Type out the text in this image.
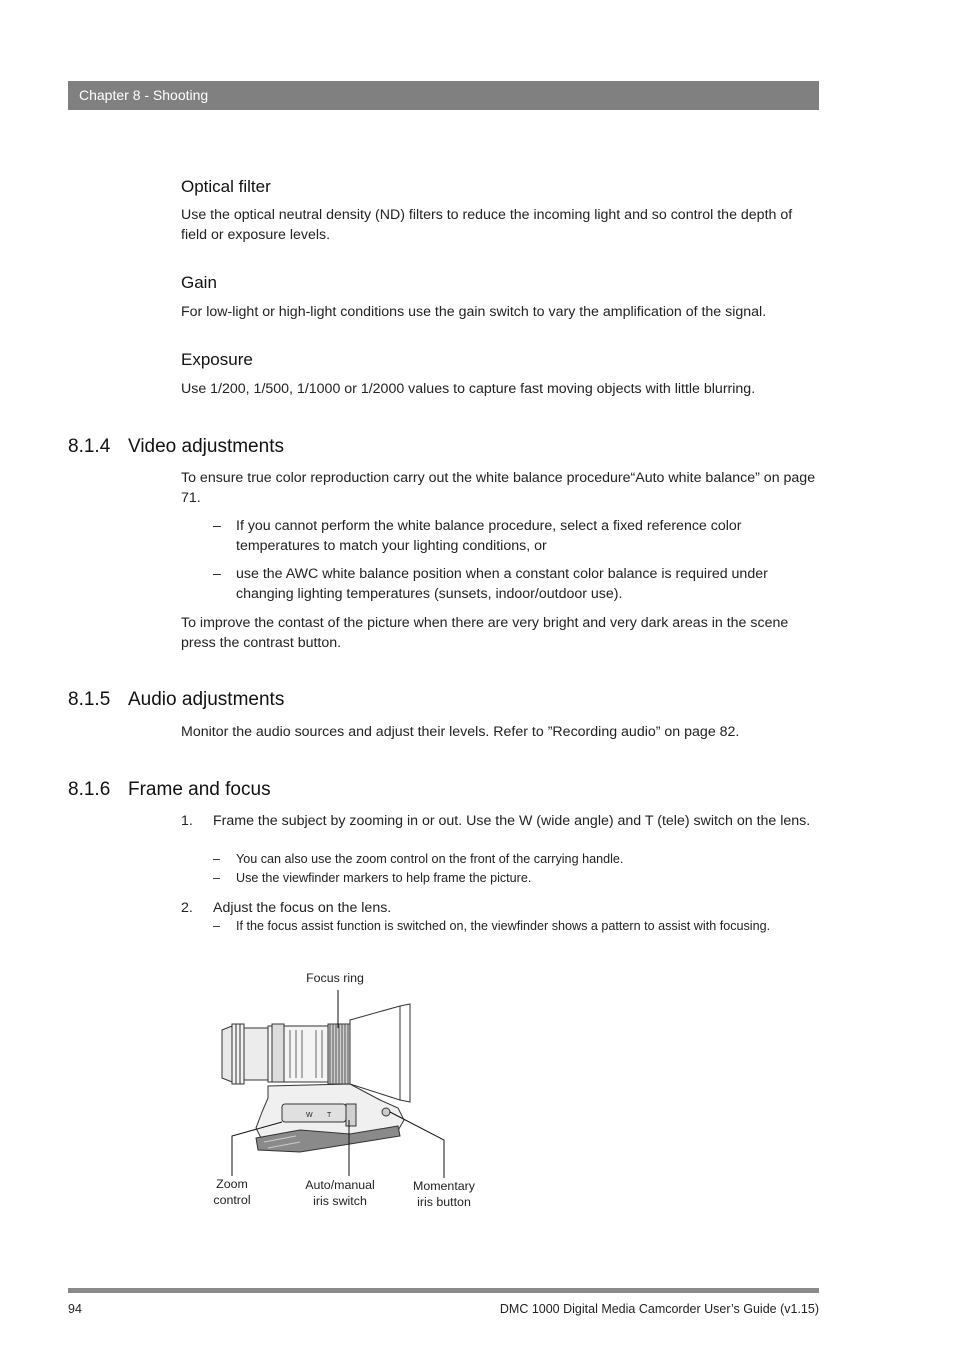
Chapter 8 - Shooting
Optical filter
Use the optical neutral density (ND) filters to reduce the incoming light and so control the depth of field or exposure levels.
Gain
For low-light or high-light conditions use the gain switch to vary the amplification of the signal.
Exposure
Use 1/200, 1/500, 1/1000 or 1/2000 values to capture fast moving objects with little blurring.
8.1.4 Video adjustments
To ensure true color reproduction carry out the white balance procedure“Auto white balance” on page 71.
– If you cannot perform the white balance procedure, select a fixed reference color temperatures to match your lighting conditions, or
– use the AWC white balance position when a constant color balance is required under changing lighting temperatures (sunsets, indoor/outdoor use).
To improve the contast of the picture when there are very bright and very dark areas in the scene press the contrast button.
8.1.5 Audio adjustments
Monitor the audio sources and adjust their levels. Refer to ”Recording audio” on page 82.
8.1.6 Frame and focus
1. Frame the subject by zooming in or out. Use the W (wide angle) and T (tele) switch on the lens.
– You can also use the zoom control on the front of the carrying handle.
– Use the viewfinder markers to help frame the picture.
2. Adjust the focus on the lens.
– If the focus assist function is switched on, the viewfinder shows a pattern to assist with focusing.
Focus ring
W T
Zoom
control
Auto/manual
iris switch
Momentary
iris button
94	DMC 1000 Digital Media Camcorder User’s Guide (v1.15)
